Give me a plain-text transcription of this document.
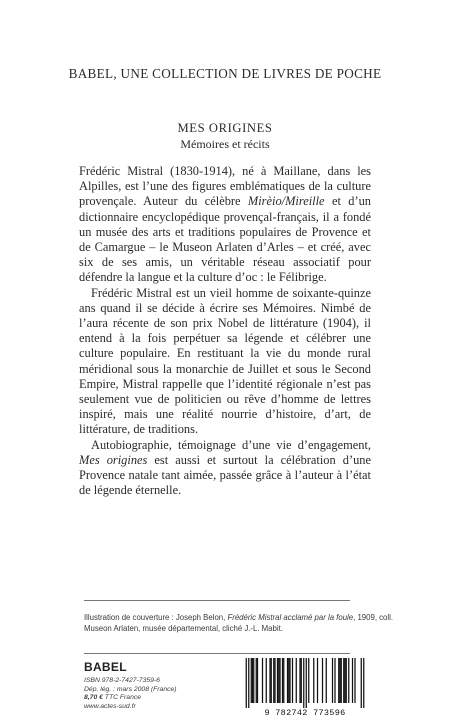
BABEL, UNE COLLECTION DE LIVRES DE POCHE
MES ORIGINES
Mémoires et récits

Frédéric Mistral (1830-1914), né à Maillane, dans les Alpilles, est l’une des figures emblématiques de la culture provençale. Auteur du célèbre Mirèio/Mireille et d’un dictionnaire encyclopédique provençal-français, il a fondé un musée des arts et traditions populaires de Provence et de Camargue – le Museon Arlaten d’Arles – et créé, avec six de ses amis, un véritable réseau associatif pour défendre la langue et la culture d’oc : le Félibrige.

Frédéric Mistral est un vieil homme de soixante-quinze ans quand il se décide à écrire ses Mémoires. Nimbé de l’aura récente de son prix Nobel de littérature (1904), il entend à la fois perpétuer sa légende et célébrer une culture populaire. En restituant la vie du monde rural méridional sous la monarchie de Juillet et sous le Second Empire, Mistral rappelle que l’identité régionale n’est pas seulement vue de politicien ou rêve d’homme de lettres inspiré, mais une réalité nourrie d’histoire, d’art, de littérature, de traditions.

Autobiographie, témoignage d’une vie d’engagement, Mes origines est aussi et surtout la célébration d’une Provence natale tant aimée, passée grâce à l’auteur à l’état de légende éternelle.

Illustration de couverture : Joseph Belon, Frédéric Mistral acclamé par la foule, 1909, coll. Museon Arlaten, musée départemental, cliché J.-L. Mabit.
BABEL
ISBN 978-2-7427-7359-6
Dép. lég. : mars 2008 (France)
8,70 € TTC France
www.actes-sud.fr
9 782742 773596
